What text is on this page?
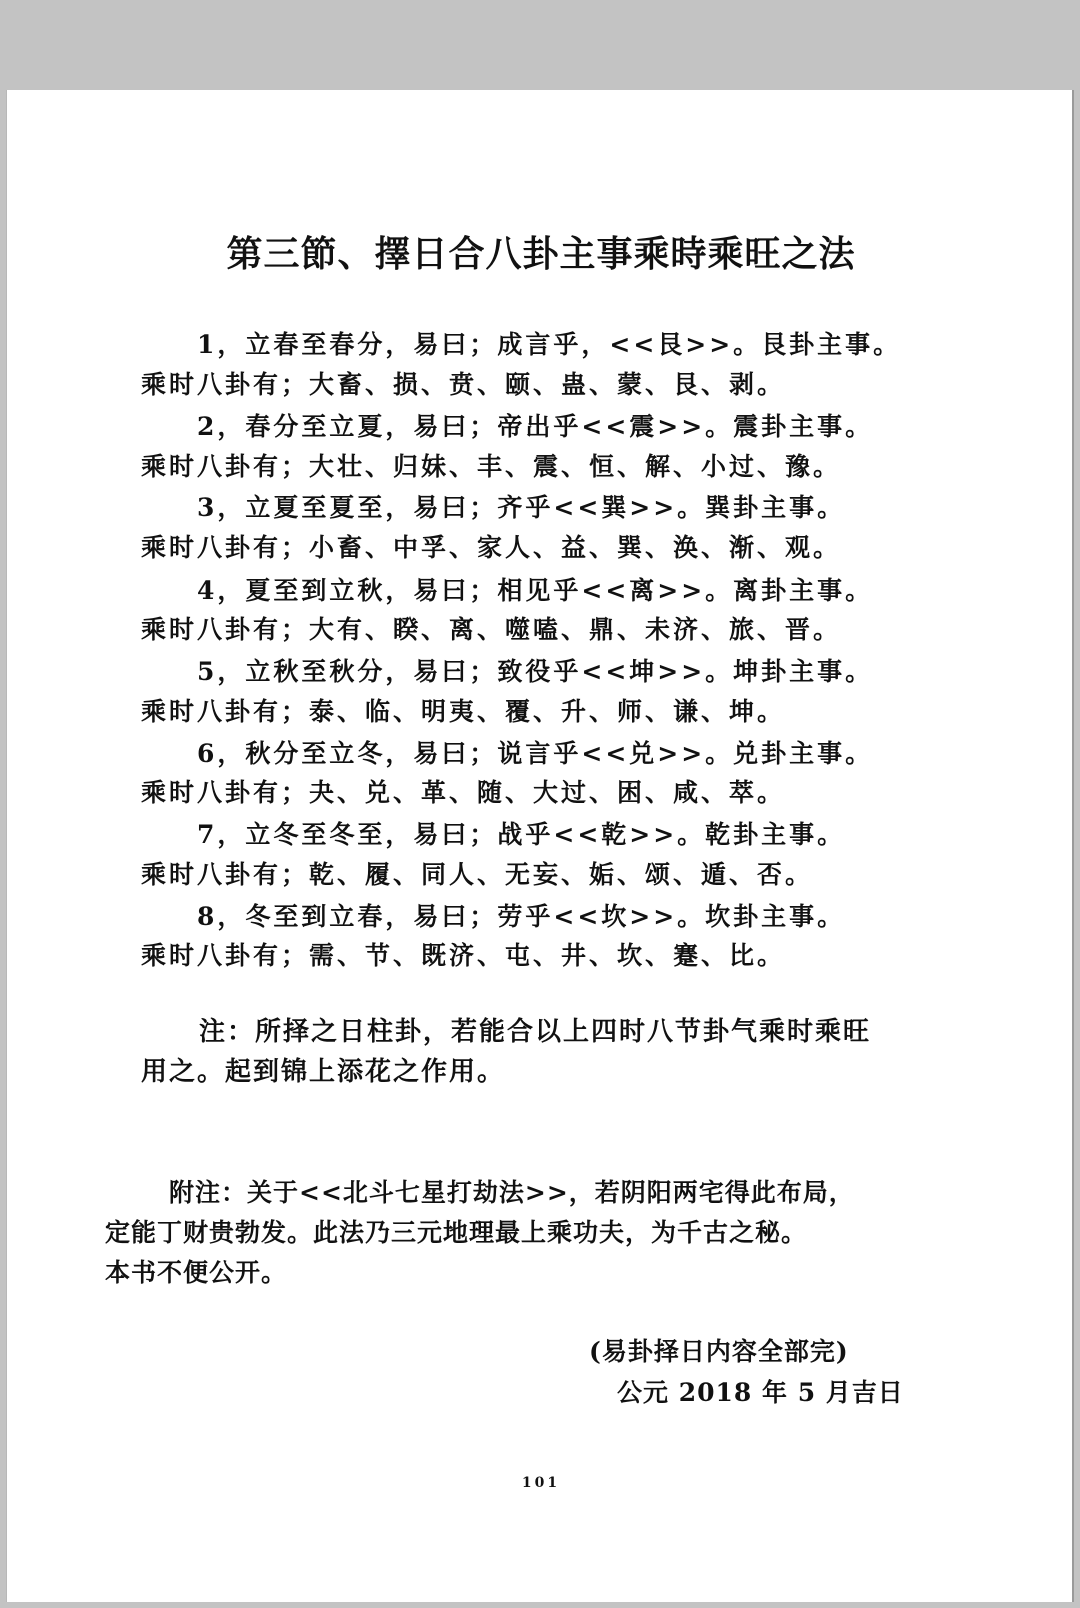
第三節、擇日合八卦主事乘時乘旺之法

1，立春至春分，易曰；成言乎，<<艮>>。艮卦主事。

乘时八卦有；大畜、损、贲、颐、蛊、蒙、艮、剥。

2，春分至立夏，易曰；帝出乎<<震>>。震卦主事。

乘时八卦有；大壮、归妹、丰、震、恒、解、小过、豫。

3，立夏至夏至，易曰；齐乎<<巽>>。巽卦主事。

乘时八卦有；小畜、中孚、家人、益、巽、涣、渐、观。

4，夏至到立秋，易曰；相见乎<<离>>。离卦主事。

乘时八卦有；大有、睽、离、噬嗑、鼎、未济、旅、晋。

5，立秋至秋分，易曰；致役乎<<坤>>。坤卦主事。

乘时八卦有；泰、临、明夷、覆、升、师、谦、坤。

6，秋分至立冬，易曰；说言乎<<兑>>。兑卦主事。

乘时八卦有；夬、兑、革、随、大过、困、咸、萃。

7，立冬至冬至，易曰；战乎<<乾>>。乾卦主事。

乘时八卦有；乾、履、同人、无妄、姤、颂、遁、否。

8，冬至到立春，易曰；劳乎<<坎>>。坎卦主事。

乘时八卦有；需、节、既济、屯、井、坎、蹇、比。

注：所择之日柱卦，若能合以上四时八节卦气乘时乘旺

用之。起到锦上添花之作用。

附注：关于<<北斗七星打劫法>>，若阴阳两宅得此布局，

定能丁财贵勃发。此法乃三元地理最上乘功夫，为千古之秘。

本书不便公开。

(易卦择日内容全部完)

公元 2018 年 5 月吉日

101
